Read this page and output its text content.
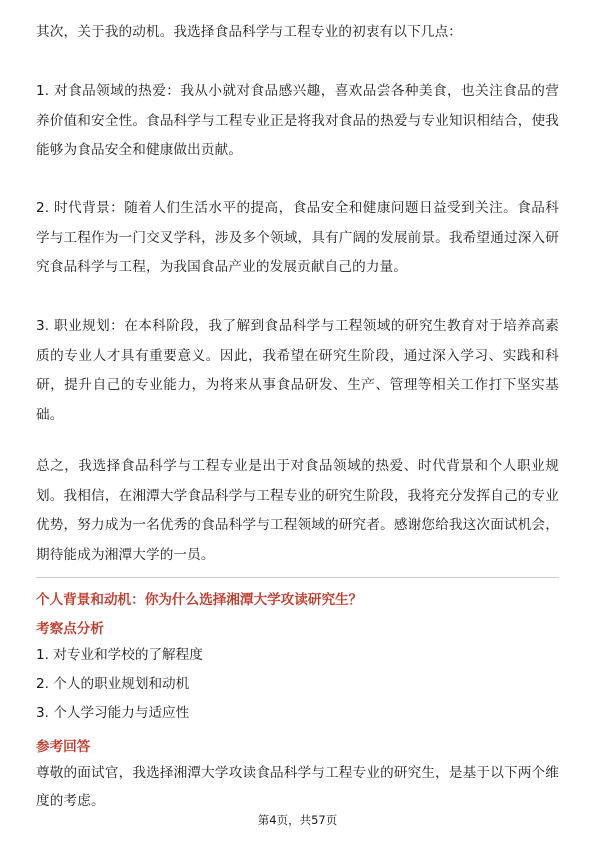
其次，关于我的动机。我选择食品科学与工程专业的初衷有以下几点：

1. 对食品领域的热爱：我从小就对食品感兴趣，喜欢品尝各种美食，也关注食品的营养价值和安全性。食品科学与工程专业正是将我对食品的热爱与专业知识相结合，使我能够为食品安全和健康做出贡献。

2. 时代背景：随着人们生活水平的提高，食品安全和健康问题日益受到关注。食品科学与工程作为一门交叉学科，涉及多个领域，具有广阔的发展前景。我希望通过深入研究食品科学与工程，为我国食品产业的发展贡献自己的力量。

3. 职业规划：在本科阶段，我了解到食品科学与工程领域的研究生教育对于培养高素质的专业人才具有重要意义。因此，我希望在研究生阶段，通过深入学习、实践和科研，提升自己的专业能力，为将来从事食品研发、生产、管理等相关工作打下坚实基础。

总之，我选择食品科学与工程专业是出于对食品领域的热爱、时代背景和个人职业规划。我相信，在湘潭大学食品科学与工程专业的研究生阶段，我将充分发挥自己的专业优势，努力成为一名优秀的食品科学与工程领域的研究者。感谢您给我这次面试机会，期待能成为湘潭大学的一员。

个人背景和动机：你为什么选择湘潭大学攻读研究生？
考察点分析
1. 对专业和学校的了解程度
2. 个人的职业规划和动机
3. 个人学习能力与适应性
参考回答

尊敬的面试官，我选择湘潭大学攻读食品科学与工程专业的研究生，是基于以下两个维度的考虑。

第4页，共57页
